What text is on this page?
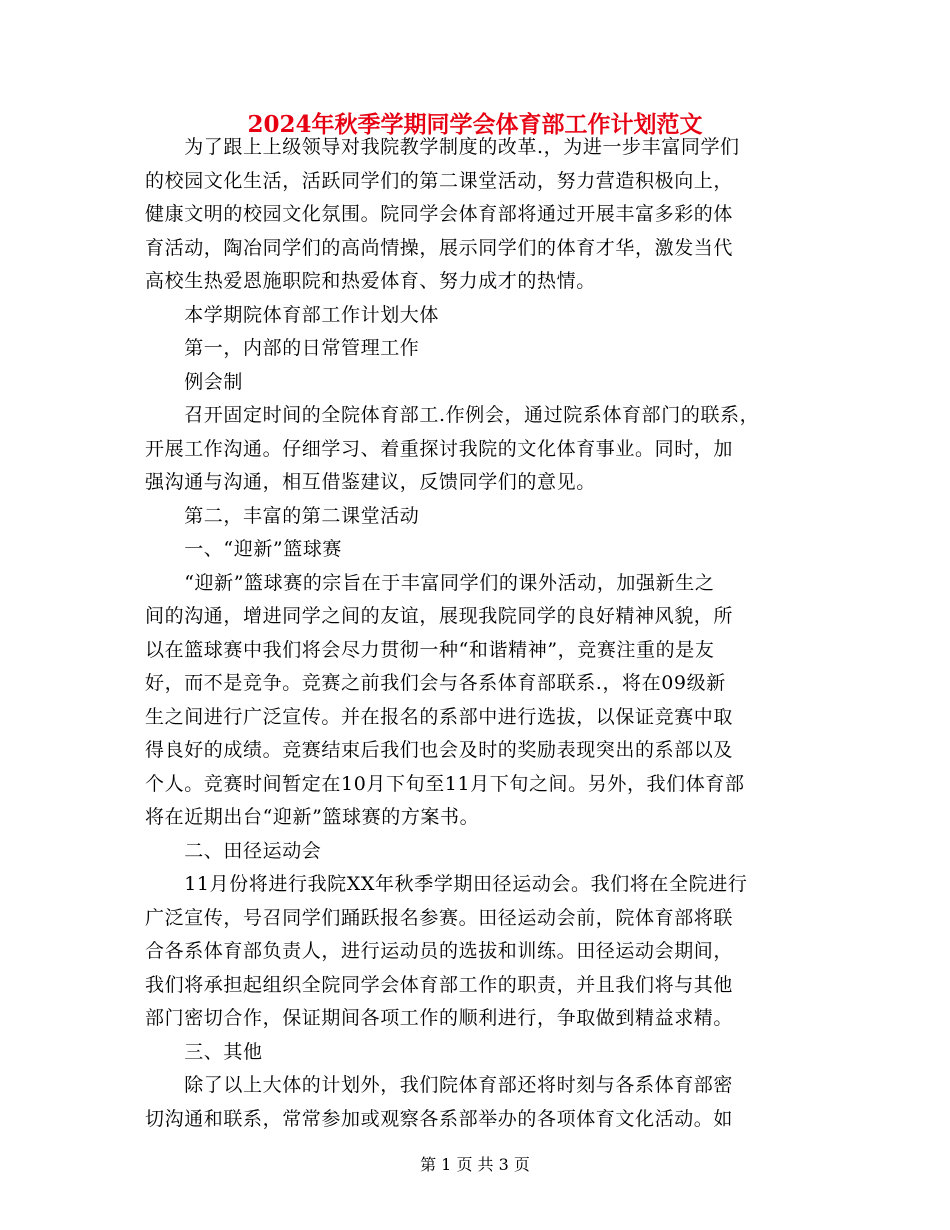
2024年秋季学期同学会体育部工作计划范文
　　为了跟上上级领导对我院教学制度的改革.，为进一步丰富同学们
的校园文化生活，活跃同学们的第二课堂活动，努力营造积极向上，
健康文明的校园文化氛围。院同学会体育部将通过开展丰富多彩的体
育活动，陶冶同学们的高尚情操，展示同学们的体育才华，激发当代
高校生热爱恩施职院和热爱体育、努力成才的热情。
　　本学期院体育部工作计划大体
　　第一，内部的日常管理工作
　　例会制
　　召开固定时间的全院体育部工.作例会，通过院系体育部门的联系，
开展工作沟通。仔细学习、着重探讨我院的文化体育事业。同时，加
强沟通与沟通，相互借鉴建议，反馈同学们的意见。
　　第二，丰富的第二课堂活动
　　一、“迎新”篮球赛
　　“迎新”篮球赛的宗旨在于丰富同学们的课外活动，加强新生之
间的沟通，增进同学之间的友谊，展现我院同学的良好精神风貌，所
以在篮球赛中我们将会尽力贯彻一种“和谐精神”，竞赛注重的是友
好，而不是竞争。竞赛之前我们会与各系体育部联系.，将在09级新
生之间进行广泛宣传。并在报名的系部中进行选拔，以保证竞赛中取
得良好的成绩。竞赛结束后我们也会及时的奖励表现突出的系部以及
个人。竞赛时间暂定在10月下旬至11月下旬之间。另外，我们体育部
将在近期出台“迎新”篮球赛的方案书。
　　二、田径运动会
　　11月份将进行我院XX年秋季学期田径运动会。我们将在全院进行
广泛宣传，号召同学们踊跃报名参赛。田径运动会前，院体育部将联
合各系体育部负责人，进行运动员的选拔和训练。田径运动会期间，
我们将承担起组织全院同学会体育部工作的职责，并且我们将与其他
部门密切合作，保证期间各项工作的顺利进行，争取做到精益求精。
　　三、其他
　　除了以上大体的计划外，我们院体育部还将时刻与各系体育部密
切沟通和联系，常常参加或观察各系部举办的各项体育文化活动。如
第 1 页 共 3 页
